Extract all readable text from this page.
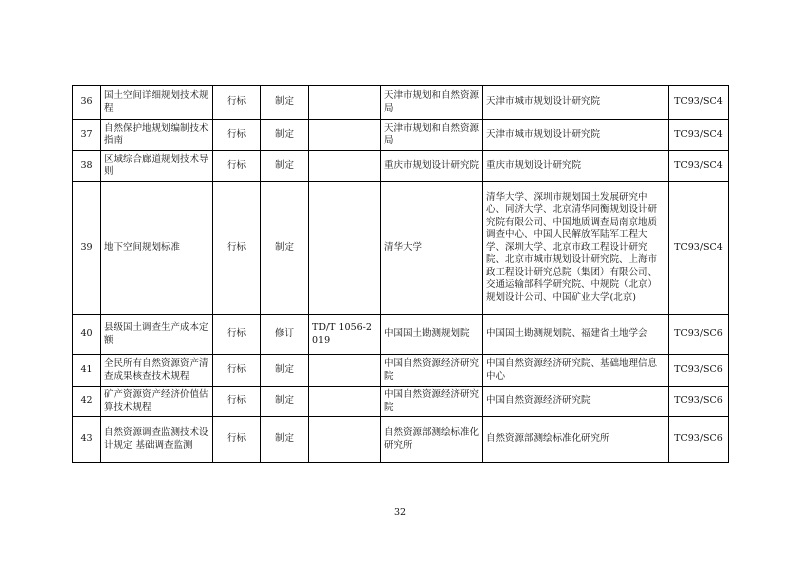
36	国土空间详细规划技术规程	行标	制定		天津市规划和自然资源局	天津市城市规划设计研究院	TC93/SC4
37	自然保护地规划编制技术指南	行标	制定		天津市规划和自然资源局	天津市城市规划设计研究院	TC93/SC4
38	区域综合廊道规划技术导则	行标	制定		重庆市规划设计研究院	重庆市规划设计研究院	TC93/SC4
39	地下空间规划标准	行标	制定		清华大学	清华大学、深圳市规划国土发展研究中心、同济大学、北京清华同衡规划设计研究院有限公司、中国地质调查局南京地质调查中心、中国人民解放军陆军工程大学、深圳大学、北京市政工程设计研究院、北京市城市规划设计研究院、上海市政工程设计研究总院（集团）有限公司、交通运输部科学研究院、中规院（北京）规划设计公司、中国矿业大学(北京)	TC93/SC4
40	县级国土调查生产成本定额	行标	修订	TD/T 1056-2019	中国国土勘测规划院	中国国土勘测规划院、福建省土地学会	TC93/SC6
41	全民所有自然资源资产清查成果核查技术规程	行标	制定		中国自然资源经济研究院	中国自然资源经济研究院、基础地理信息中心	TC93/SC6
42	矿产资源资产经济价值估算技术规程	行标	制定		中国自然资源经济研究院	中国自然资源经济研究院	TC93/SC6
43	自然资源调查监测技术设计规定 基础调查监测	行标	制定		自然资源部测绘标准化研究所	自然资源部测绘标准化研究所	TC93/SC6
32
